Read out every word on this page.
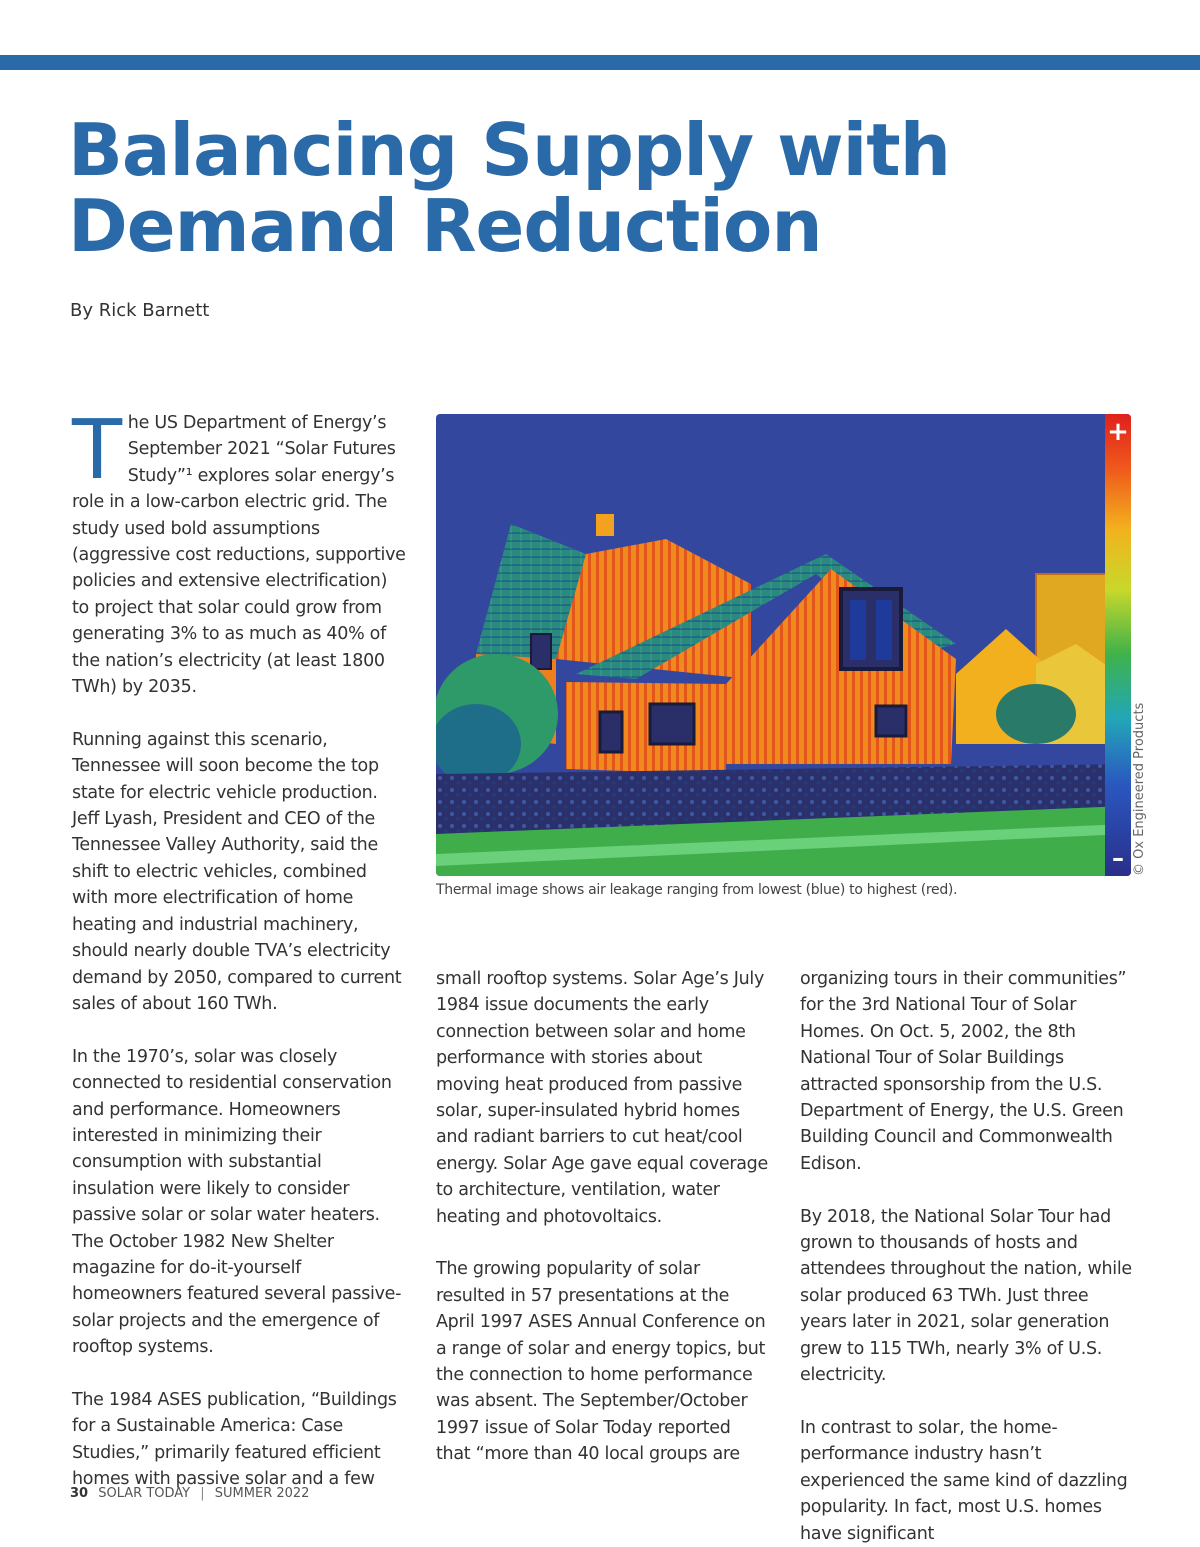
Balancing Supply with
Demand Reduction
By Rick Barnett

The US Department of Energy’s September 2021 “Solar Futures Study”¹ explores solar energy’s role in a low-carbon electric grid. The study used bold assumptions (aggressive cost reductions, supportive policies and extensive electrification) to project that solar could grow from generating 3% to as much as 40% of the nation’s electricity (at least 1800 TWh) by 2035.

Running against this scenario, Tennessee will soon become the top state for electric vehicle production. Jeff Lyash, President and CEO of the Tennessee Valley Authority, said the shift to electric vehicles, combined with more electrification of home heating and industrial machinery, should nearly double TVA’s electricity demand by 2050, compared to current sales of about 160 TWh.

In the 1970’s, solar was closely connected to residential conservation and performance. Homeowners interested in minimizing their consumption with substantial insulation were likely to consider passive solar or solar water heaters. The October 1982 New Shelter magazine for do-it-yourself homeowners featured several passive-solar projects and the emergence of rooftop systems.

The 1984 ASES publication, “Buildings for a Sustainable America: Case Studies,” primarily featured efficient homes with passive solar and a few

+
– © Ox Engineered Products
Thermal image shows air leakage ranging from lowest (blue) to highest (red).

small rooftop systems. Solar Age’s July 1984 issue documents the early connection between solar and home performance with stories about moving heat produced from passive solar, super-insulated hybrid homes and radiant barriers to cut heat/cool energy. Solar Age gave equal coverage to architecture, ventilation, water heating and photovoltaics.

The growing popularity of solar resulted in 57 presentations at the April 1997 ASES Annual Conference on a range of solar and energy topics, but the connection to home performance was absent. The September/October 1997 issue of Solar Today reported that “more than 40 local groups are

organizing tours in their communities” for the 3rd National Tour of Solar Homes. On Oct. 5, 2002, the 8th National Tour of Solar Buildings attracted sponsorship from the U.S. Department of Energy, the U.S. Green Building Council and Commonwealth Edison.

By 2018, the National Solar Tour had grown to thousands of hosts and attendees throughout the nation, while solar produced 63 TWh. Just three years later in 2021, solar generation grew to 115 TWh, nearly 3% of U.S. electricity.

In contrast to solar, the home-performance industry hasn’t experienced the same kind of dazzling popularity. In fact, most U.S. homes have significant

30 SOLAR TODAY | SUMMER 2022
